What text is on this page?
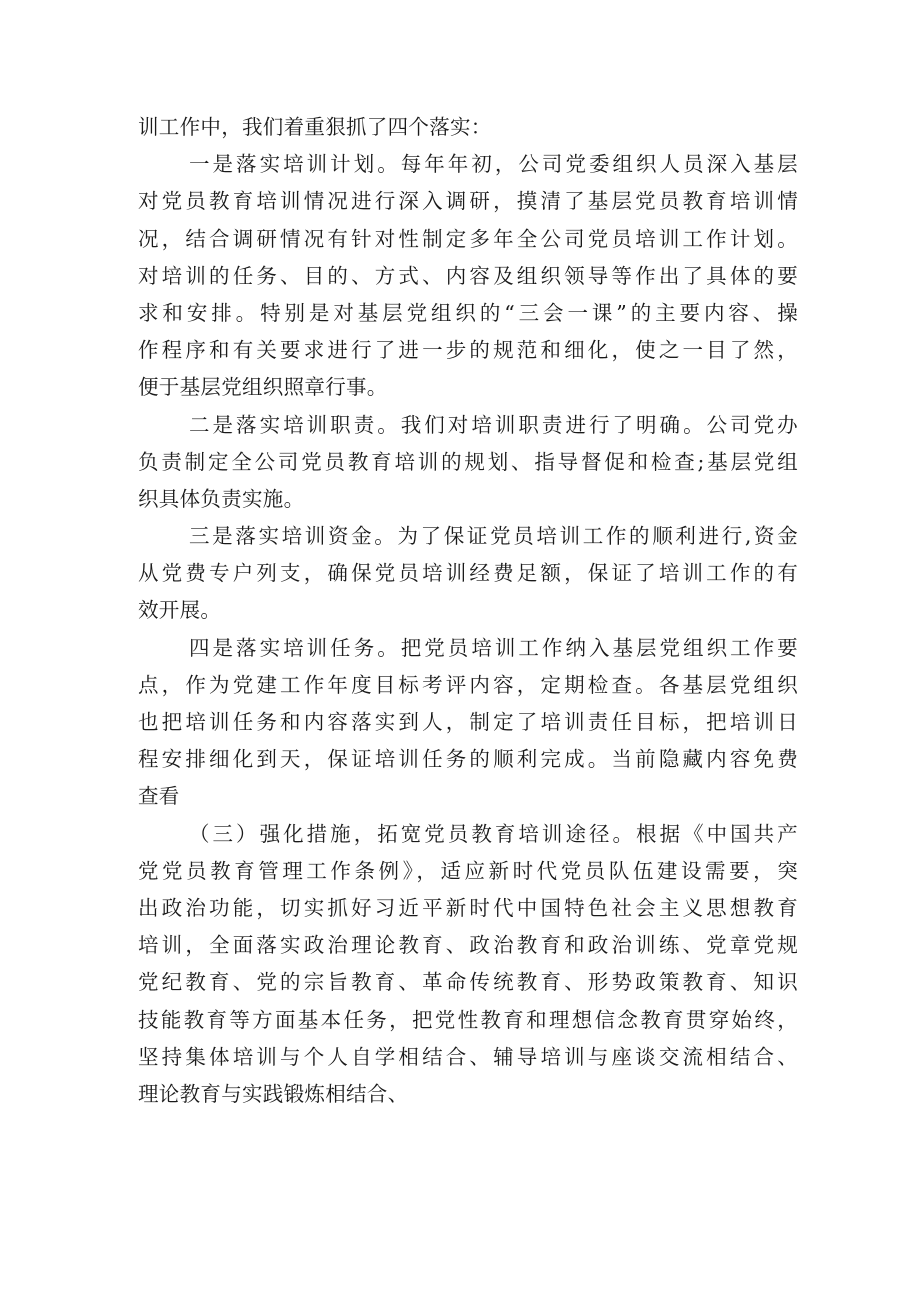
训工作中，我们着重狠抓了四个落实：
一是落实培训计划。每年年初，公司党委组织人员深入基层
对党员教育培训情况进行深入调研，摸清了基层党员教育培训情
况，结合调研情况有针对性制定多年全公司党员培训工作计划。
对培训的任务、目的、方式、内容及组织领导等作出了具体的要
求和安排。特别是对基层党组织的“三会一课”的主要内容、操
作程序和有关要求进行了进一步的规范和细化，使之一目了然，
便于基层党组织照章行事。
二是落实培训职责。我们对培训职责进行了明确。公司党办
负责制定全公司党员教育培训的规划、指导督促和检查;基层党组
织具体负责实施。
三是落实培训资金。为了保证党员培训工作的顺利进行,资金
从党费专户列支，确保党员培训经费足额，保证了培训工作的有
效开展。
四是落实培训任务。把党员培训工作纳入基层党组织工作要
点，作为党建工作年度目标考评内容，定期检查。各基层党组织
也把培训任务和内容落实到人，制定了培训责任目标，把培训日
程安排细化到天，保证培训任务的顺利完成。当前隐藏内容免费
查看
（三）强化措施，拓宽党员教育培训途径。根据《中国共产
党党员教育管理工作条例》，适应新时代党员队伍建设需要，突
出政治功能，切实抓好习近平新时代中国特色社会主义思想教育
培训，全面落实政治理论教育、政治教育和政治训练、党章党规
党纪教育、党的宗旨教育、革命传统教育、形势政策教育、知识
技能教育等方面基本任务，把党性教育和理想信念教育贯穿始终，
坚持集体培训与个人自学相结合、辅导培训与座谈交流相结合、
理论教育与实践锻炼相结合、
